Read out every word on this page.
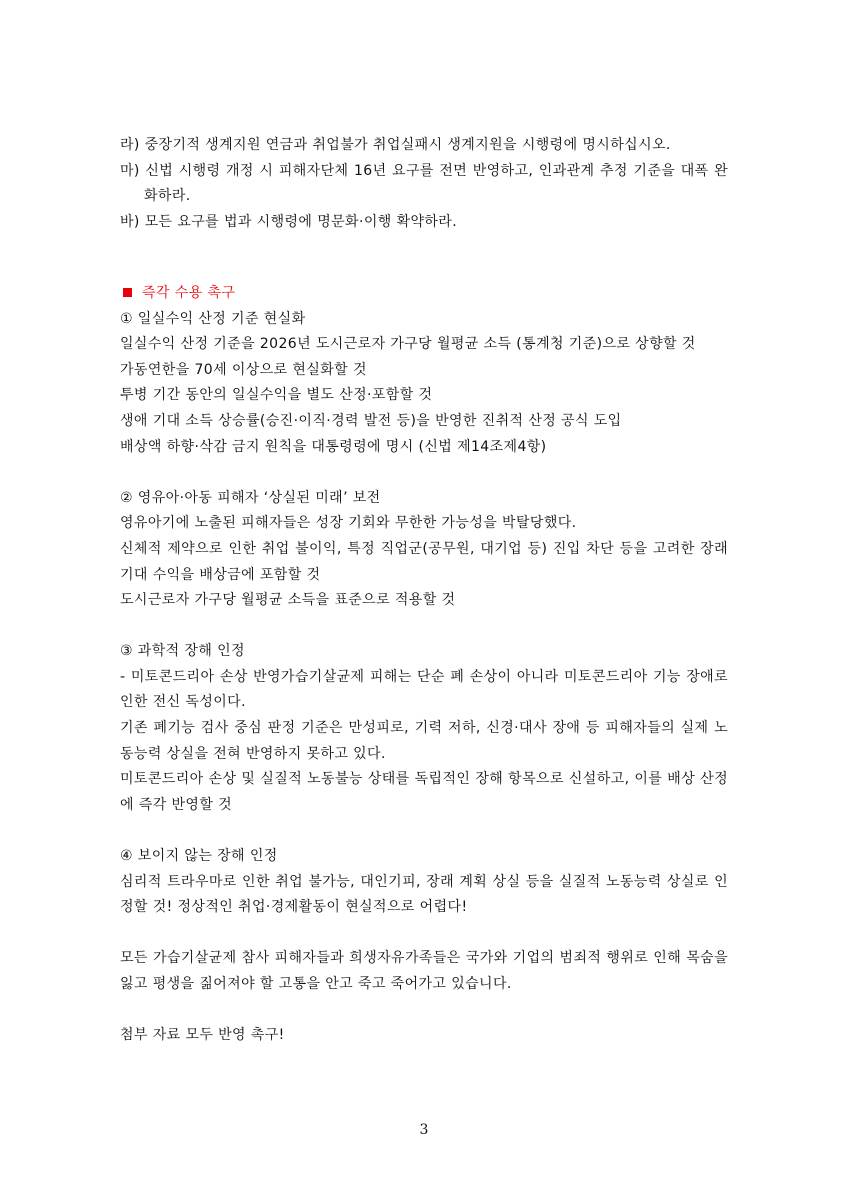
라) 중장기적 생계지원 연금과 취업불가 취업실패시 생계지원을 시행령에 명시하십시오.

마) 신법 시행령 개정 시 피해자단체 16년 요구를 전면 반영하고, 인과관계 추정 기준을 대폭 완화하라.

바) 모든 요구를 법과 시행령에 명문화·이행 확약하라.

즉각 수용 촉구

① 일실수익 산정 기준 현실화

일실수익 산정 기준을 2026년 도시근로자 가구당 월평균 소득 (통계청 기준)으로 상향할 것

가동연한을 70세 이상으로 현실화할 것

투병 기간 동안의 일실수익을 별도 산정·포함할 것

생애 기대 소득 상승률(승진·이직·경력 발전 등)을 반영한 진취적 산정 공식 도입

배상액 하향·삭감 금지 원칙을 대통령령에 명시 (신법 제14조제4항)

② 영유아·아동 피해자 ‘상실된 미래’ 보전

영유아기에 노출된 피해자들은 성장 기회와 무한한 가능성을 박탈당했다.

신체적 제약으로 인한 취업 불이익, 특정 직업군(공무원, 대기업 등) 진입 차단 등을 고려한 장래 기대 수익을 배상금에 포함할 것

도시근로자 가구당 월평균 소득을 표준으로 적용할 것

③ 과학적 장해 인정

- 미토콘드리아 손상 반영가습기살균제 피해는 단순 폐 손상이 아니라 미토콘드리아 기능 장애로 인한 전신 독성이다.

기존 폐기능 검사 중심 판정 기준은 만성피로, 기력 저하, 신경·대사 장애 등 피해자들의 실제 노동능력 상실을 전혀 반영하지 못하고 있다.

미토콘드리아 손상 및 실질적 노동불능 상태를 독립적인 장해 항목으로 신설하고, 이를 배상 산정에 즉각 반영할 것

④ 보이지 않는 장해 인정

심리적 트라우마로 인한 취업 불가능, 대인기피, 장래 계획 상실 등을 실질적 노동능력 상실로 인정할 것! 정상적인 취업·경제활동이 현실적으로 어렵다!

모든 가습기살균제 참사 피해자들과 희생자유가족들은 국가와 기업의 범죄적 행위로 인해 목숨을 잃고 평생을 짊어져야 할 고통을 안고 죽고 죽어가고 있습니다.

첨부 자료 모두 반영 촉구!

3
